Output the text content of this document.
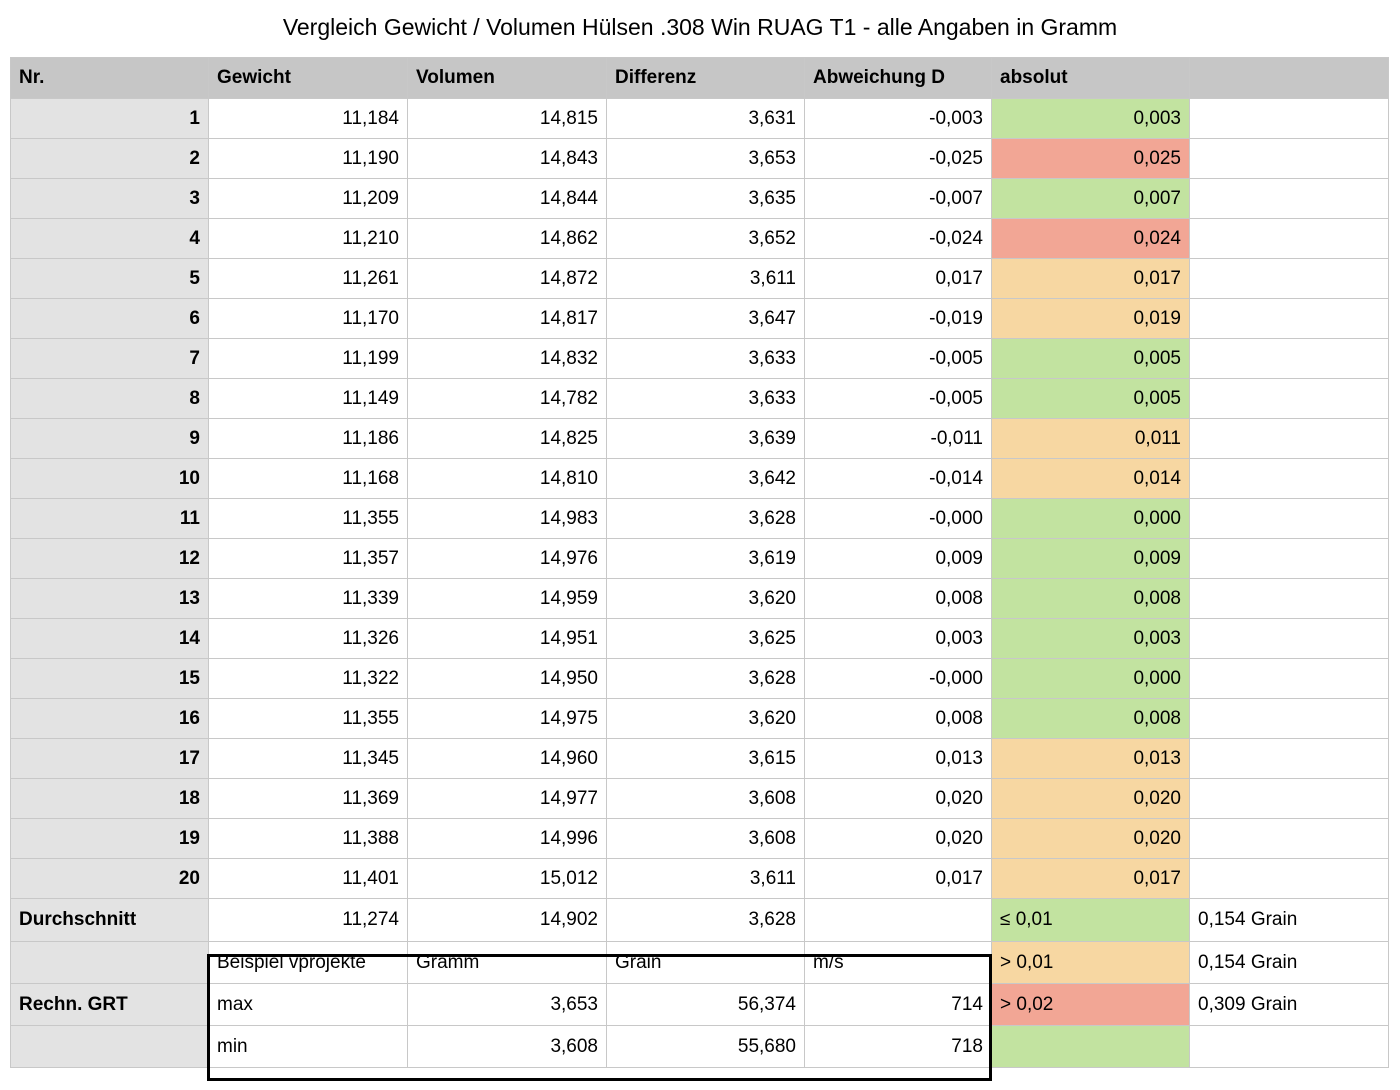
Vergleich Gewicht / Volumen Hülsen .308 Win RUAG T1 - alle Angaben in Gramm
Nr.	Gewicht	Volumen	Differenz	Abweichung D	absolut	
1	11,184	14,815	3,631	-0,003	0,003	
2	11,190	14,843	3,653	-0,025	0,025	
3	11,209	14,844	3,635	-0,007	0,007	
4	11,210	14,862	3,652	-0,024	0,024	
5	11,261	14,872	3,611	0,017	0,017	
6	11,170	14,817	3,647	-0,019	0,019	
7	11,199	14,832	3,633	-0,005	0,005	
8	11,149	14,782	3,633	-0,005	0,005	
9	11,186	14,825	3,639	-0,011	0,011	
10	11,168	14,810	3,642	-0,014	0,014	
11	11,355	14,983	3,628	-0,000	0,000	
12	11,357	14,976	3,619	0,009	0,009	
13	11,339	14,959	3,620	0,008	0,008	
14	11,326	14,951	3,625	0,003	0,003	
15	11,322	14,950	3,628	-0,000	0,000	
16	11,355	14,975	3,620	0,008	0,008	
17	11,345	14,960	3,615	0,013	0,013	
18	11,369	14,977	3,608	0,020	0,020	
19	11,388	14,996	3,608	0,020	0,020	
20	11,401	15,012	3,611	0,017	0,017	
Durchschnitt	11,274	14,902	3,628		≤ 0,01	0,154 Grain
	Beispiel vprojekte	Gramm	Grain	m/s	> 0,01	0,154 Grain
Rechn. GRT	max	3,653	56,374	714	> 0,02	0,309 Grain
	min	3,608	55,680	718		
